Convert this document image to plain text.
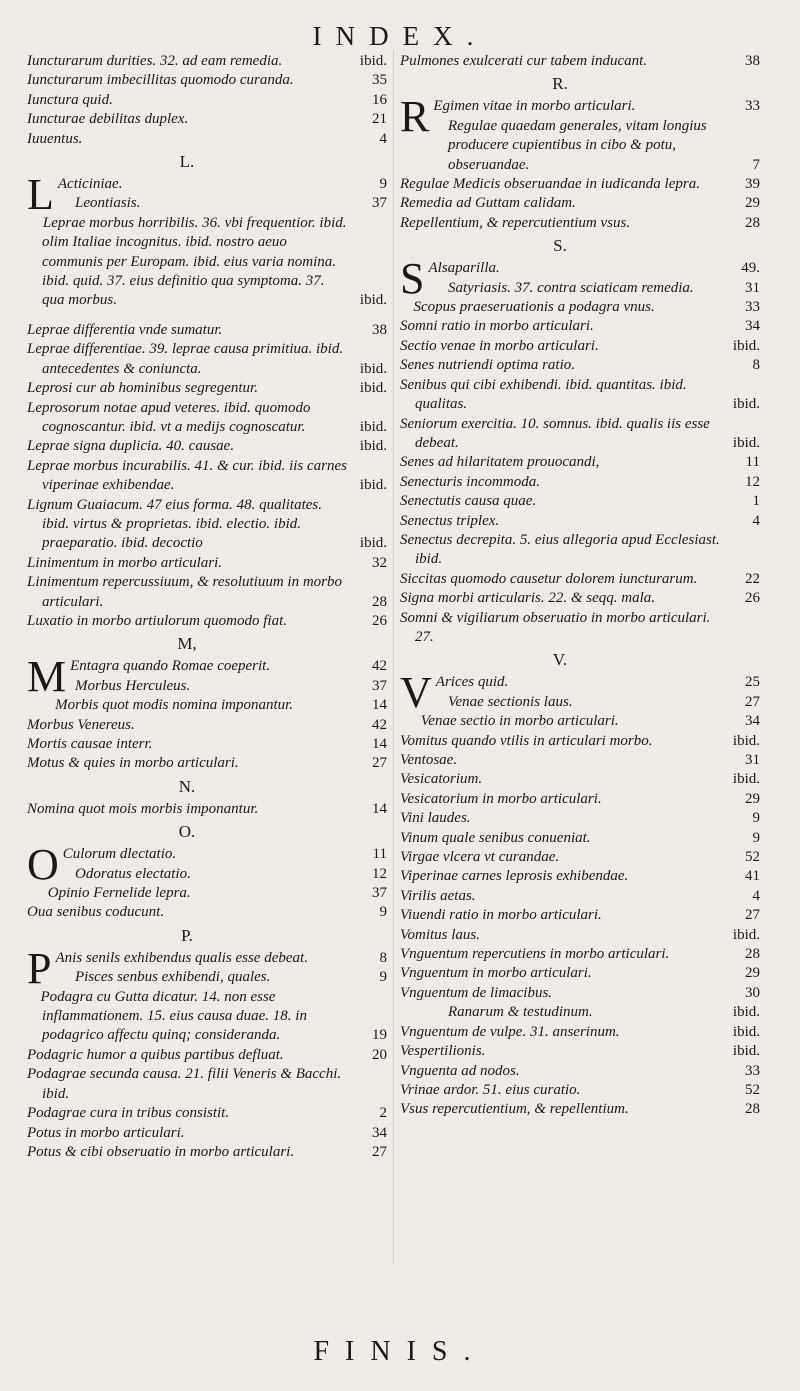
INDEX.
Iuncturarum durities. 32. ad eam remedia.	ibid.
Iuncturarum imbecillitas quomodo curanda.	35
Iunctura quid.	16
Iuncturae debilitas duplex.	21
Iuuentus.	4
L.
L Acticiniae.	9
Leontiasis.	37
Leprae morbus horribilis. 36. vbi frequentior. ibid. olim Italiae incognitus. ibid. nostro aeuo communis per Europam. ibid. eius varia nomina. ibid. quid. 37. eius definitio qua symptoma. 37. qua morbus.	ibid.
Leprae differentia vnde sumatur.	38
Leprae differentiae. 39. leprae causa primitiua. ibid. antecedentes & coniuncta.	ibid.
Leprosi cur ab hominibus segregentur.	ibid.
Leprosorum notae apud veteres. ibid. quomodo cognoscantur. ibid. vt a medijs cognoscatur.	ibid.
Leprae signa duplicia. 40. causae.	ibid.
Leprae morbus incurabilis. 41. & cur. ibid. iis carnes viperinae exhibendae.	ibid.
Lignum Guaiacum. 47 eius forma. 48. qualitates. ibid. virtus & proprietas. ibid. electio. ibid. praeparatio. ibid. decoctio	ibid.
Linimentum in morbo articulari.	32
Linimentum repercussiuum, & resolutiuum in morbo articulari.	28
Luxatio in morbo artiulorum quomodo fiat.	26
M,
M Entagra quando Romae coeperit.	42
Morbus Herculeus.	37
Morbis quot modis nomina imponantur.	14
Morbus Venereus.	42
Mortis causae interr.	14
Motus & quies in morbo articulari.	27
N.
Nomina quot mois morbis imponantur.	14
O.
O Culorum dlectatio.	11
Odoratus electatio.	12
Opinio Fernelide lepra.	37
Oua senibus coducunt.	9
P.
P Anis senils exhibendus qualis esse debeat.	8
Pisces senbus exhibendi, quales.	9
Podagra cu Gutta dicatur. 14. non esse inflammationem. 15. eius causa duae. 18. in podagrico affectu quinq; consideranda.	19
Podagric humor a quibus partibus defluat.	20
Podagrae secunda causa. 21. filii Veneris & Bacchi. ibid.
Podagrae cura in tribus consistit.	2
Potus in morbo articulari.	34
Potus & cibi obseruatio in morbo articulari.	27
Pulmones exulcerati cur tabem inducant.	38
R.
R Egimen vitae in morbo articulari.	33
Regulae quaedam generales, vitam longius producere cupientibus in cibo & potu, obseruandae.	7
Regulae Medicis obseruandae in iudicanda lepra.	39
Remedia ad Guttam calidam.	29
Repellentium, & repercutientium vsus.	28
S.
S Alsaparilla.	49.
Satyriasis. 37. contra sciaticam remedia.	31
Scopus praeseruationis a podagra vnus.	33
Somni ratio in morbo articulari.	34
Sectio venae in morbo articulari.	ibid.
Senes nutriendi optima ratio.	8
Senibus qui cibi exhibendi. ibid. quantitas. ibid. qualitas.	ibid.
Seniorum exercitia. 10. somnus. ibid. qualis iis esse debeat.	ibid.
Senes ad hilaritatem prouocandi,	11
Senecturis incommoda.	12
Senectutis causa quae.	1
Senectus triplex.	4
Senectus decrepita. 5. eius allegoria apud Ecclesiast. ibid.
Siccitas quomodo causetur dolorem iuncturarum.	22
Signa morbi articularis. 22. & seqq. mala.	26
Somni & vigiliarum obseruatio in morbo articulari. 27.
V.
V Arices quid.	25
Venae sectionis laus.	27
Venae sectio in morbo articulari.	34
Vomitus quando vtilis in articulari morbo.	ibid.
Ventosae.	31
Vesicatorium.	ibid.
Vesicatorium in morbo articulari.	29
Vini laudes.	9
Vinum quale senibus conueniat.	9
Virgae vlcera vt curandae.	52
Viperinae carnes leprosis exhibendae.	41
Virilis aetas.	4
Viuendi ratio in morbo articulari.	27
Vomitus laus.	ibid.
Vnguentum repercutiens in morbo articulari.	28
Vnguentum in morbo articulari.	29
Vnguentum de limacibus.	30
Ranarum & testudinum.	ibid.
Vnguentum de vulpe. 31. anserinum.	ibid.
Vespertilionis.	ibid.
Vnguenta ad nodos.	33
Vrinae ardor. 51. eius curatio.	52
Vsus repercutientium, & repellentium.	28
FINIS.
